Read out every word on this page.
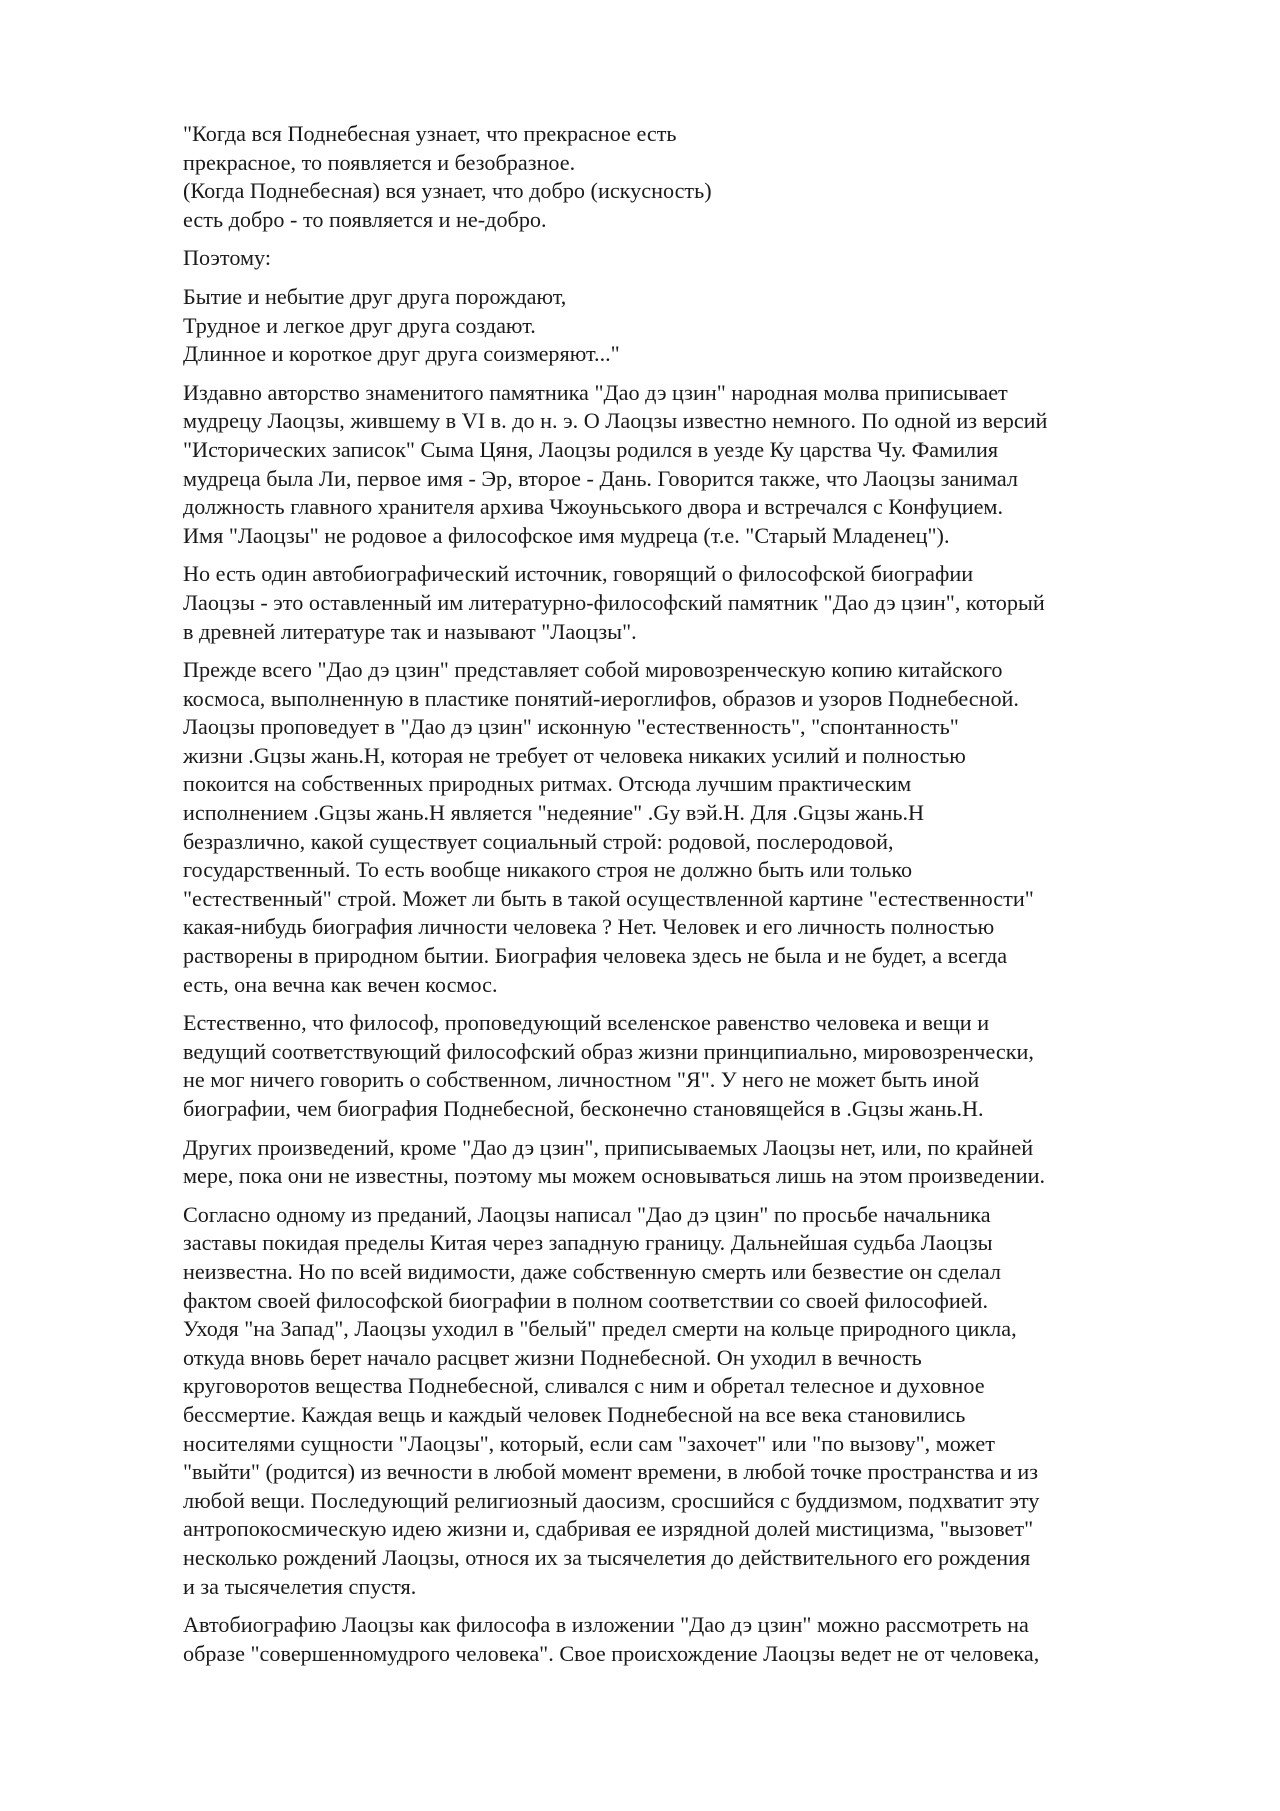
"Когда вся Поднебесная узнает, что прекрасное есть
прекрасное, то появляется и безобразное.
(Когда Поднебесная) вся узнает, что добро (искусность)
есть добро - то появляется и не-добро.

Поэтому:

Бытие и небытие друг друга порождают,
Трудное и легкое друг друга создают.
Длинное и короткое друг друга соизмеряют..."

Издавно авторство знаменитого памятника "Дао дэ цзин" народная молва приписывает
мудрецу Лаоцзы, жившему в VI в. до н. э. О Лаоцзы известно немного. По одной из версий
"Исторических записок" Сыма Цяня, Лаоцзы родился в уезде Ку царства Чу. Фамилия
мудреца была Ли, первое имя - Эр, второе - Дань. Говорится также, что Лаоцзы занимал
должность главного хранителя архива Чжоуньського двора и встречался с Конфуцием.
Имя "Лаоцзы" не родовое а философское имя мудреца (т.е. "Старый Младенец").

Но есть один автобиографический источник, говорящий о философской биографии
Лаоцзы - это оставленный им литературно-философский памятник "Дао дэ цзин", который
в древней литературе так и называют "Лаоцзы".

Прежде всего "Дао дэ цзин" представляет собой мировозренческую копию китайского
космоса, выполненную в пластике понятий-иероглифов, образов и узоров Поднебесной.
Лаоцзы проповедует в "Дао дэ цзин" исконную "естественность", "спонтанность"
жизни .Gцзы жань.H, которая не требует от человека никаких усилий и полностью
покоится на собственных природных ритмах. Отсюда лучшим практическим
исполнением .Gцзы жань.H является "недеяние" .Gу вэй.H. Для .Gцзы жань.H
безразлично, какой существует социальный строй: родовой, послеродовой,
государственный. То есть вообще никакого строя не должно быть или только
"естественный" строй. Может ли быть в такой осуществленной картине "естественности"
какая-нибудь биография личности человека ? Нет. Человек и его личность полностью
растворены в природном бытии. Биография человека здесь не была и не будет, а всегда
есть, она вечна как вечен космос.

Естественно, что философ, проповедующий вселенское равенство человека и вещи и
ведущий соответствующий философский образ жизни принципиально, мировозренчески,
не мог ничего говорить о собственном, личностном "Я". У него не может быть иной
биографии, чем биография Поднебесной, бесконечно становящейся в .Gцзы жань.H.

Других произведений, кроме "Дао дэ цзин", приписываемых Лаоцзы нет, или, по крайней
мере, пока они не известны, поэтому мы можем основываться лишь на этом произведении.

Согласно одному из преданий, Лаоцзы написал "Дао дэ цзин" по просьбе начальника
заставы покидая пределы Китая через западную границу. Дальнейшая судьба Лаоцзы
неизвестна. Но по всей видимости, даже собственную смерть или безвестие он сделал
фактом своей философской биографии в полном соответствии со своей философией.
Уходя "на Запад", Лаоцзы уходил в "белый" предел смерти на кольце природного цикла,
откуда вновь берет начало расцвет жизни Поднебесной. Он уходил в вечность
круговоротов вещества Поднебесной, сливался с ним и обретал телесное и духовное
бессмертие. Каждая вещь и каждый человек Поднебесной на все века становились
носителями сущности "Лаоцзы", который, если сам "захочет" или "по вызову", может
"выйти" (родится) из вечности в любой момент времени, в любой точке пространства и из
любой вещи. Последующий религиозный даосизм, сросшийся с буддизмом, подхватит эту
антропокосмическую идею жизни и, сдабривая ее изрядной долей мистицизма, "вызовет"
несколько рождений Лаоцзы, относя их за тысячелетия до действительного его рождения
и за тысячелетия спустя.

Автобиографию Лаоцзы как философа в изложении "Дао дэ цзин" можно рассмотреть на
образе "совершенномудрого человека". Свое происхождение Лаоцзы ведет не от человека,
